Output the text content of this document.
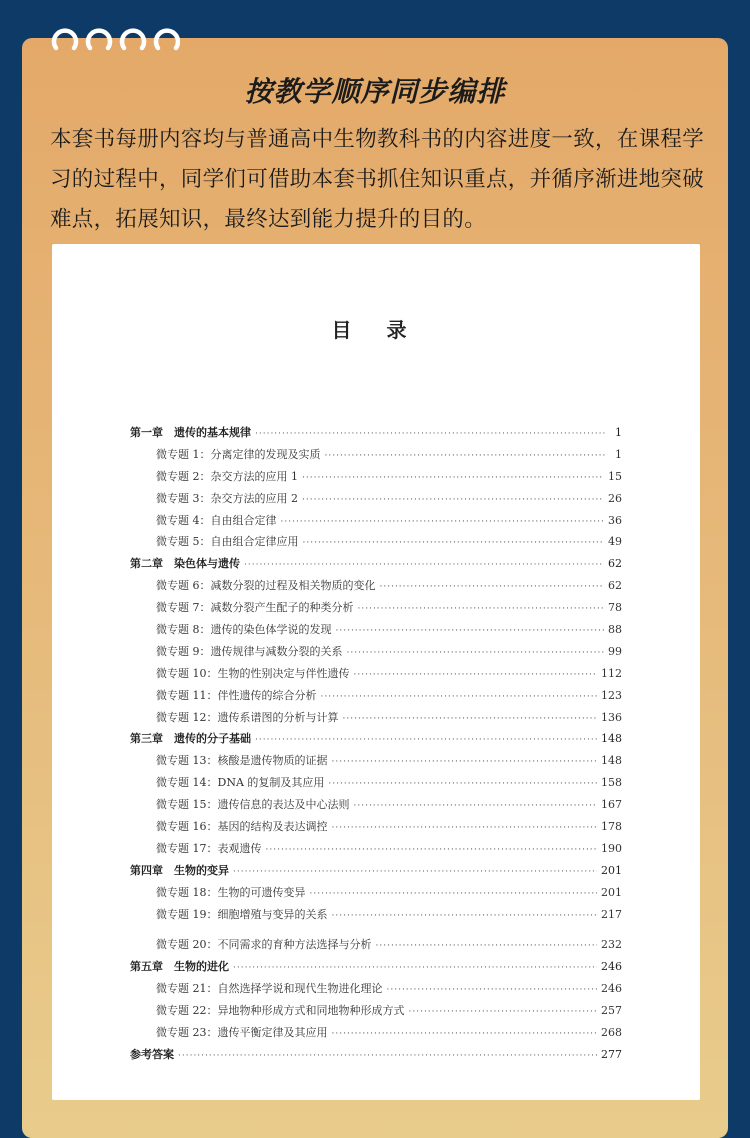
按教学顺序同步编排
本套书每册内容均与普通高中生物教科书的内容进度一致，在课程学习的过程中，同学们可借助本套书抓住知识重点，并循序渐进地突破难点，拓展知识，最终达到能力提升的目的。
目 录
第一章　遗传的基本规律 ·····	1
微专题 1：分离定律的发现及实质 ·····	1
微专题 2：杂交方法的应用 1 ·····	15
微专题 3：杂交方法的应用 2 ·····	26
微专题 4：自由组合定律 ·····	36
微专题 5：自由组合定律应用 ·····	49
第二章　染色体与遗传 ·····	62
微专题 6：减数分裂的过程及相关物质的变化 ·····	62
微专题 7：减数分裂产生配子的种类分析 ·····	78
微专题 8：遗传的染色体学说的发现 ·····	88
微专题 9：遗传规律与减数分裂的关系 ·····	99
微专题 10：生物的性别决定与伴性遗传 ·····	112
微专题 11：伴性遗传的综合分析 ·····	123
微专题 12：遗传系谱图的分析与计算 ·····	136
第三章　遗传的分子基础 ·····	148
微专题 13：核酸是遗传物质的证据 ·····	148
微专题 14：DNA 的复制及其应用 ·····	158
微专题 15：遗传信息的表达及中心法则 ·····	167
微专题 16：基因的结构及表达调控 ·····	178
微专题 17：表观遗传 ·····	190
第四章　生物的变异 ·····	201
微专题 18：生物的可遗传变异 ·····	201
微专题 19：细胞增殖与变异的关系 ·····	217
微专题 20：不同需求的育种方法选择与分析 ·····	232
第五章　生物的进化 ·····	246
微专题 21：自然选择学说和现代生物进化理论 ·····	246
微专题 22：异地物种形成方式和同地物种形成方式 ·····	257
微专题 23：遗传平衡定律及其应用 ·····	268
参考答案 ·····	277
